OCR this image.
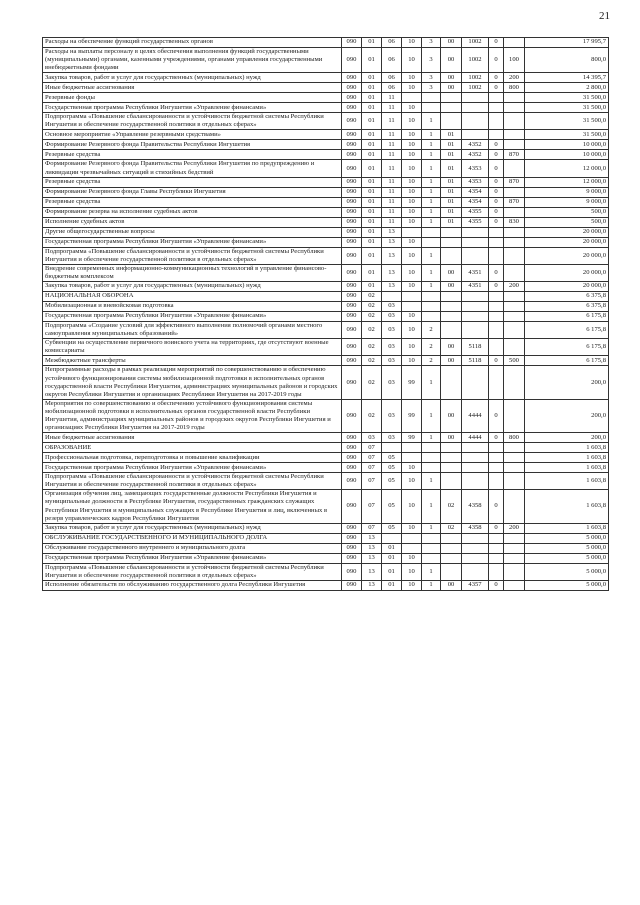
21
Расходы на обеспечение функций государственных органов	090	01	06	10	3	00	1002	0		17 995,7
Расходы на выплаты персоналу в целях обеспечения выполнения функций государственными (муниципальными) органами, казенными учреждениями, органами управления государственными внебюджетными фондами	090	01	06	10	3	00	1002	0	100	800,0
Закупка товаров, работ и услуг для государственных (муниципальных) нужд	090	01	06	10	3	00	1002	0	200	14 395,7
Иные бюджетные ассигнования	090	01	06	10	3	00	1002	0	800	2 800,0
Резервные фонды	090	01	11							31 500,0
Государственная программа Республики Ингушетия «Управление финансами»	090	01	11	10						31 500,0
Подпрограмма «Повышение сбалансированности и устойчивости бюджетной системы Республики Ингушетия и обеспечение государственной политики в отдельных сферах»	090	01	11	10	1					31 500,0
Основное мероприятие «Управление резервными средствами»	090	01	11	10	1	01				31 500,0
Формирование Резервного фонда Правительства Республики Ингушетия	090	01	11	10	1	01	4352	0		10 000,0
Резервные средства	090	01	11	10	1	01	4352	0	870	10 000,0
Формирование Резервного фонда Правительства Республики Ингушетия по предупреждению и ликвидации чрезвычайных ситуаций и стихийных бедствий	090	01	11	10	1	01	4353	0		12 000,0
Резервные средства	090	01	11	10	1	01	4353	0	870	12 000,0
Формирование Резервного фонда Главы Республики Ингушетия	090	01	11	10	1	01	4354	0		9 000,0
Резервные средства	090	01	11	10	1	01	4354	0	870	9 000,0
Формирование резерва на исполнение судебных актов	090	01	11	10	1	01	4355	0		500,0
Исполнение судебных актов	090	01	11	10	1	01	4355	0	830	500,0
Другие общегосударственные вопросы	090	01	13							20 000,0
Государственная программа Республики Ингушетия «Управление финансами»	090	01	13	10						20 000,0
Подпрограмма «Повышение сбалансированности и устойчивости бюджетной системы Республики Ингушетия и обеспечение государственной политики в отдельных сферах»	090	01	13	10	1					20 000,0
Внедрение современных информационно-коммуникационных технологий в управление финансово-бюджетным комплексом	090	01	13	10	1	00	4351	0		20 000,0
Закупка товаров, работ и услуг для государственных (муниципальных) нужд	090	01	13	10	1	00	4351	0	200	20 000,0
НАЦИОНАЛЬНАЯ ОБОРОНА	090	02								6 375,8
Мобилизационная и вневойсковая подготовка	090	02	03							6 375,8
Государственная программа Республики Ингушетия «Управление финансами»	090	02	03	10						6 175,8
Подпрограмма «Создание условий для эффективного выполнения полномочий органами местного самоуправления муниципальных образований»	090	02	03	10	2					6 175,8
Субвенции на осуществление первичного воинского учета на территориях, где отсутствуют военные комиссариаты	090	02	03	10	2	00	5118			6 175,8
Межбюджетные трансферты	090	02	03	10	2	00	5118	0	500	6 175,8
Непрограммные расходы в рамках реализации мероприятий по совершенствованию и обеспечению устойчивого функционирования системы мобилизационной подготовки в исполнительных органов государственной власти Республики Ингушетия, администрациях муниципальных районов и городских округов Республики Ингушетия и организациях Республики Ингушетия на 2017-2019 годы	090	02	03	99	1					200,0
Мероприятия по совершенствованию и обеспечению устойчивого функционирования системы мобилизационной подготовки в исполнительных органов государственной власти Республики Ингушетия, администрациях муниципальных районов и городских округов Республики Ингушетия и организациях Республики Ингушетия на 2017-2019 годы	090	02	03	99	1	00	4444	0		200,0
Иные бюджетные ассигнования	090	03	03	99	1	00	4444	0	800	200,0
ОБРАЗОВАНИЕ	090	07								1 603,8
Профессиональная подготовка, переподготовка и повышение квалификации	090	07	05							1 603,8
Государственная программа Республики Ингушетия «Управление финансами»	090	07	05	10						1 603,8
Подпрограмма «Повышение сбалансированности и устойчивости бюджетной системы Республики Ингушетия и обеспечение государственной политики в отдельных сферах»	090	07	05	10	1					1 603,8
Организация обучения лиц, замещающих государственные должности Республики Ингушетия и муниципальные должности в Республике Ингушетия, государственных гражданских служащих Республики Ингушетия и муниципальных служащих в Республике Ингушетия и лиц, включенных в резерв управленческих кадров Республики Ингушетия	090	07	05	10	1	02	4358	0		1 603,8
Закупка товаров, работ и услуг для государственных (муниципальных) нужд	090	07	05	10	1	02	4358	0	200	1 603,8
ОБСЛУЖИВАНИЕ ГОСУДАРСТВЕННОГО И МУНИЦИПАЛЬНОГО ДОЛГА	090	13								5 000,0
Обслуживание государственного внутреннего и муниципального долга	090	13	01							5 000,0
Государственная программа Республики Ингушетия «Управление финансами»	090	13	01	10						5 000,0
Подпрограмма «Повышение сбалансированности и устойчивости бюджетной системы Республики Ингушетия и обеспечение государственной политики в отдельных сферах»	090	13	01	10	1					5 000,0
Исполнение обязательств по обслуживанию государственного долга Республики Ингушетия	090	13	01	10	1	00	4357	0		5 000,0
